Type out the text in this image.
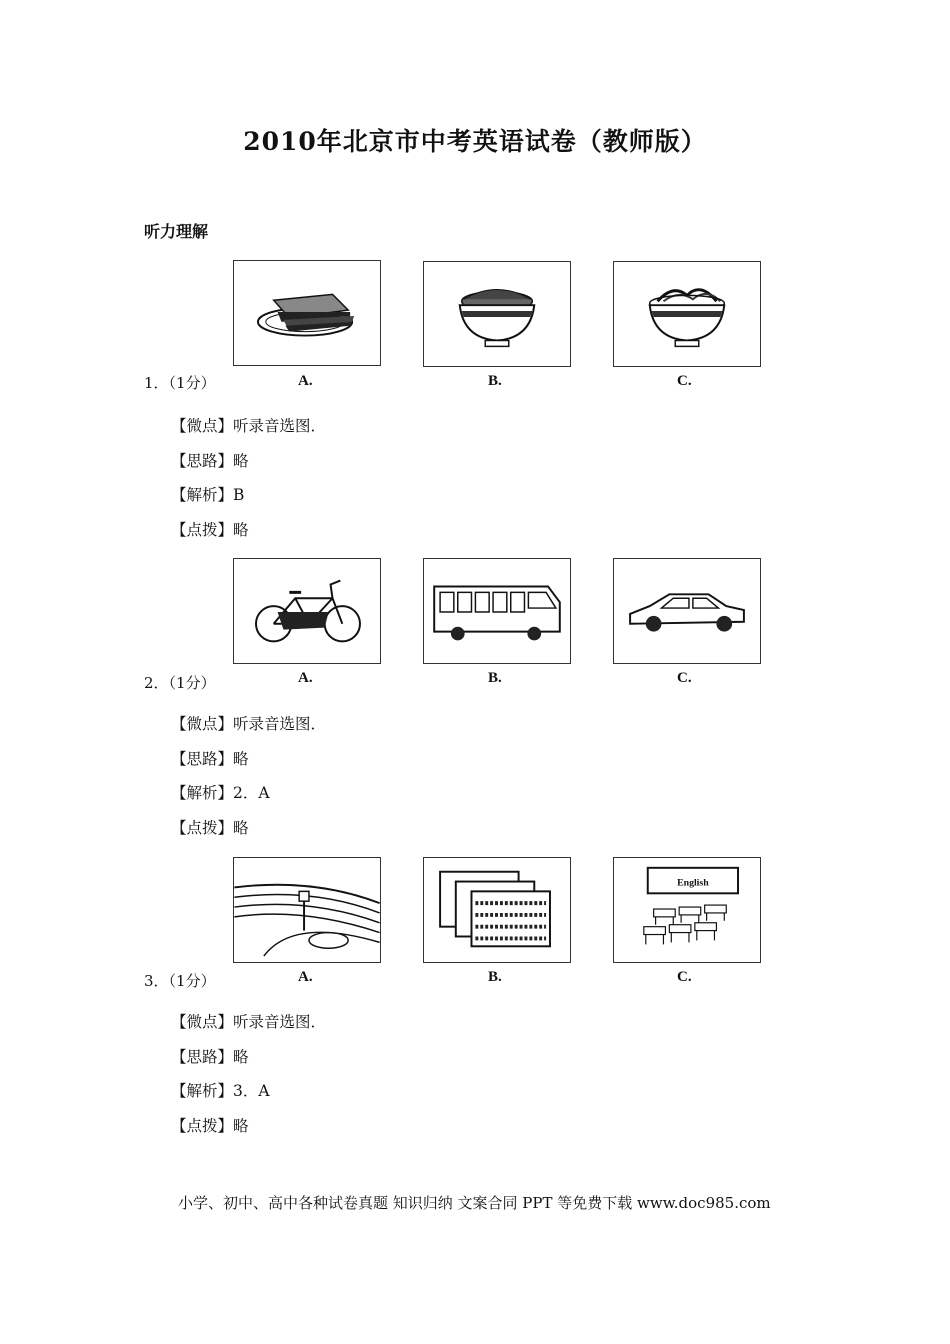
2010年北京市中考英语试卷（教师版）
听力理解
1．（1分）	A.	B.	C.
【微点】听录音选图．
【思路】略
【解析】B
【点拨】略
2．（1分）	A.	B.	C.
【微点】听录音选图．
【思路】略
【解析】2．A
【点拨】略
English
3．（1分）	A.	B.	C.
【微点】听录音选图．
【思路】略
【解析】3．A
【点拨】略
小学、初中、高中各种试卷真题 知识归纳 文案合同 PPT 等免费下载 www.doc985.com
